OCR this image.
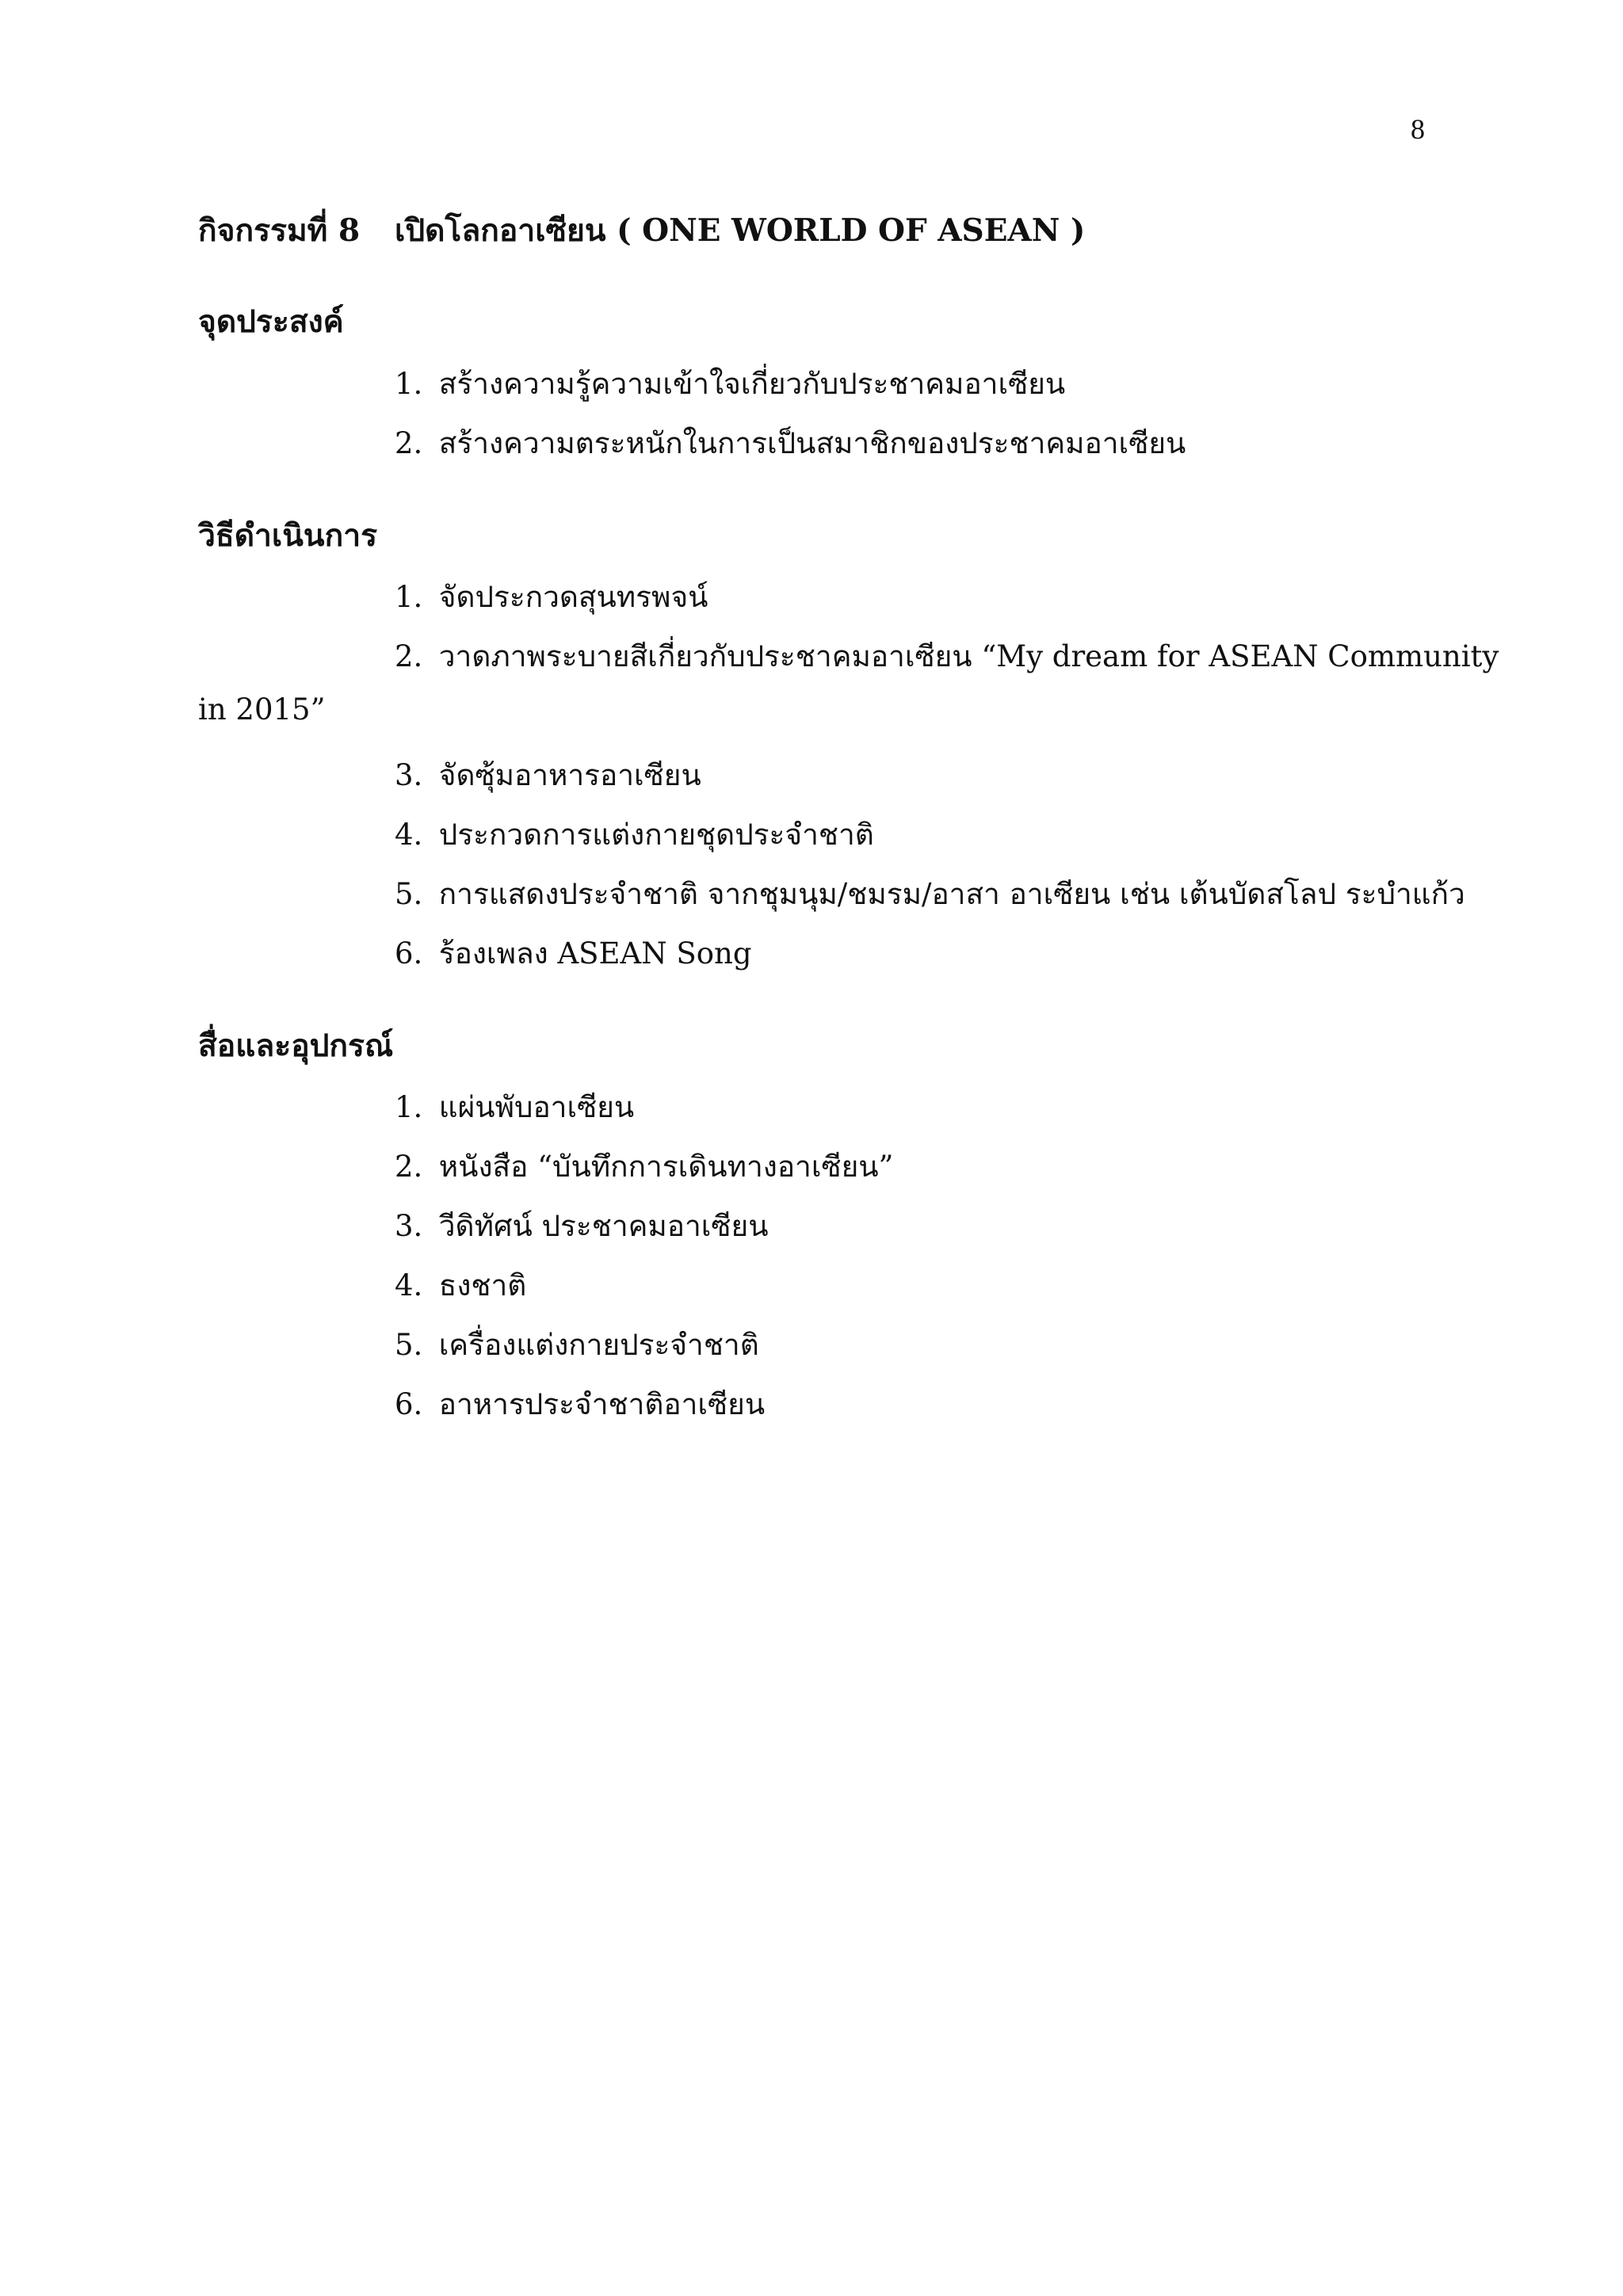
8
กิจกรรมที่ 8 เปิดโลกอาเซียน ( ONE WORLD OF ASEAN )
จุดประสงค์
1. สร้างความรู้ความเข้าใจเกี่ยวกับประชาคมอาเซียน
2. สร้างความตระหนักในการเป็นสมาชิกของประชาคมอาเซียน
วิธีดำเนินการ
1. จัดประกวดสุนทรพจน์
2. วาดภาพระบายสีเกี่ยวกับประชาคมอาเซียน “My dream for ASEAN Community
in 2015”
3. จัดซุ้มอาหารอาเซียน
4. ประกวดการแต่งกายชุดประจำชาติ
5. การแสดงประจำชาติ จากชุมนุม/ชมรม/อาสา อาเซียน เช่น เต้นบัดสโลป ระบำแก้ว
6. ร้องเพลง ASEAN Song
สื่อและอุปกรณ์
1. แผ่นพับอาเซียน
2. หนังสือ “บันทึกการเดินทางอาเซียน”
3. วีดิทัศน์ ประชาคมอาเซียน
4. ธงชาติ
5. เครื่องแต่งกายประจำชาติ
6. อาหารประจำชาติอาเซียน
